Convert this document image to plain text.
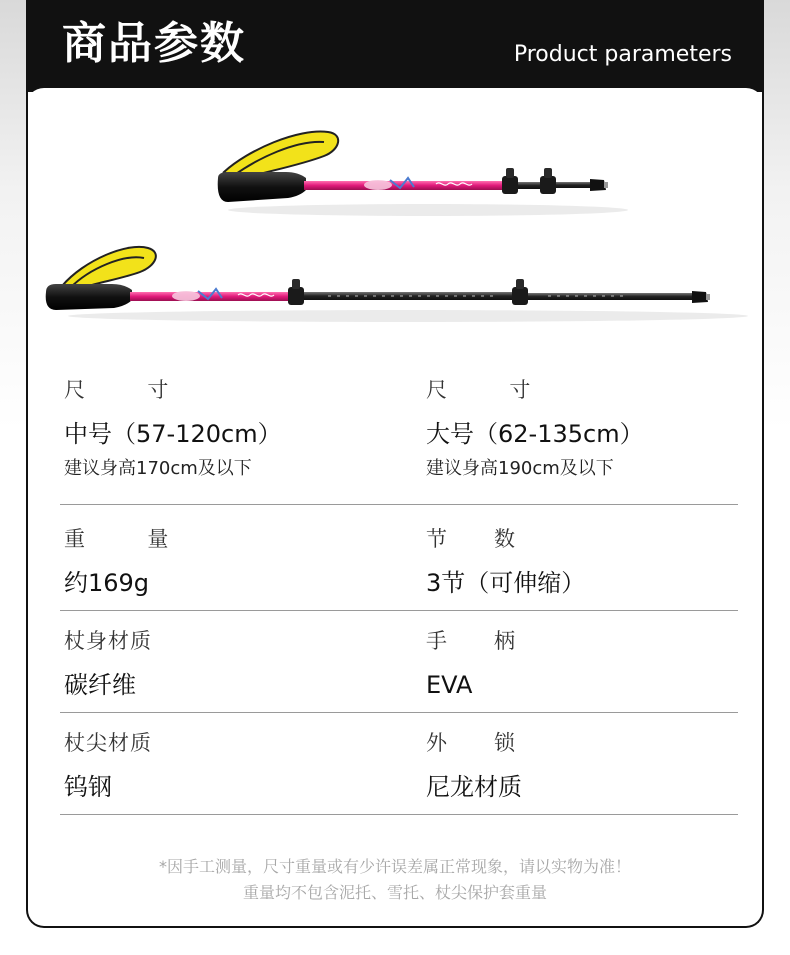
商品参数	Product parameters
尺        寸
中号（57-120cm）
建议身高170cm及以下
尺        寸
大号（62-135cm）
建议身高190cm及以下
重        量
约169g
节      数
3节（可伸缩）
杖身材质
碳纤维
手      柄
EVA
杖尖材质
钨钢
外      锁
尼龙材质
*因手工测量，尺寸重量或有少许误差属正常现象，请以实物为准！
重量均不包含泥托、雪托、杖尖保护套重量
